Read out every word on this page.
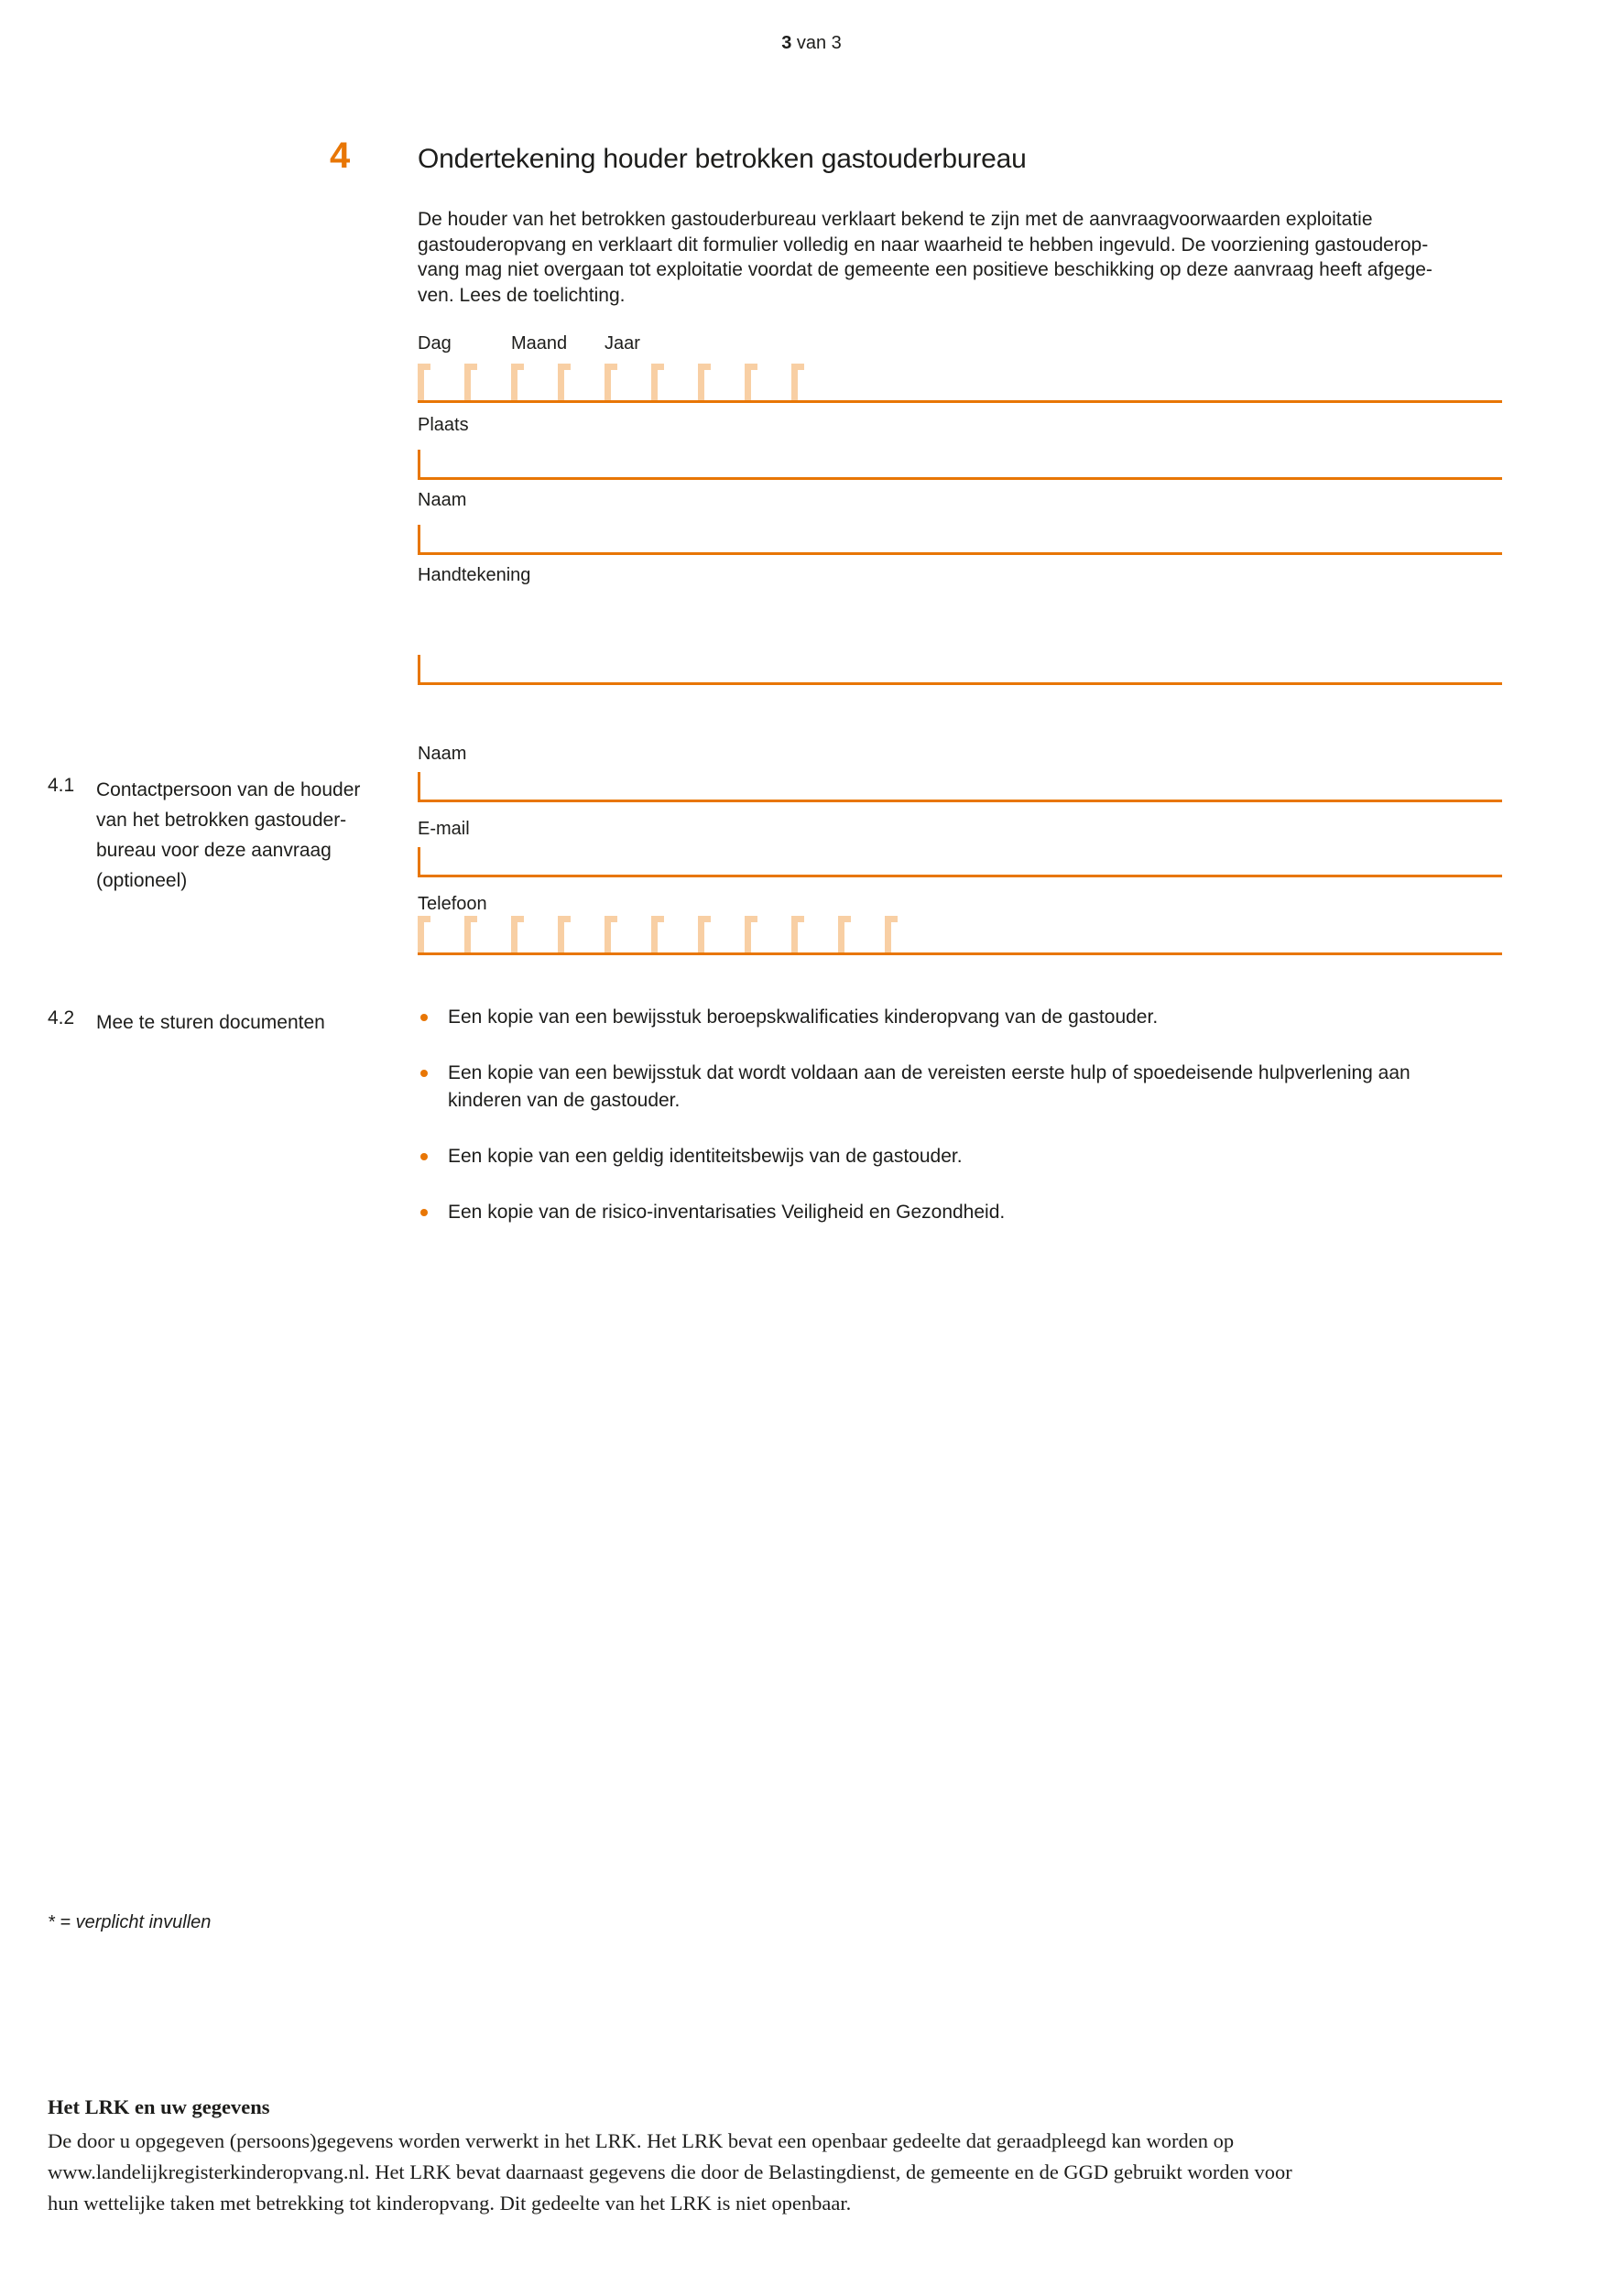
3 van 3
4 Ondertekening houder betrokken gastouderbureau
De houder van het betrokken gastouderbureau verklaart bekend te zijn met de aanvraagvoorwaarden exploitatie
gastouderopvang en verklaart dit formulier volledig en naar waarheid te hebben ingevuld. De voorziening gastouderop-
vang mag niet overgaan tot exploitatie voordat de gemeente een positieve beschikking op deze aanvraag heeft afgege-
ven. Lees de toelichting.
Dag	Maand Jaar
Plaats
Naam
Handtekening
4.1	Contactpersoon van de houder
van het betrokken gastouder-
bureau voor deze aanvraag
(optioneel)
Naam
E-mail
Telefoon
4.2	Mee te sturen documenten	Een kopie van een bewijsstuk beroepskwalificaties kinderopvang van de gastouder.
Een kopie van een bewijsstuk dat wordt voldaan aan de vereisten eerste hulp of spoedeisende hulpverlening aan kinderen van de gastouder.
Een kopie van een geldig identiteitsbewijs van de gastouder.
Een kopie van de risico-inventarisaties Veiligheid en Gezondheid.
* = verplicht invullen
Het LRK en uw gegevens
De door u opgegeven (persoons)gegevens worden verwerkt in het LRK. Het LRK bevat een openbaar gedeelte dat geraadpleegd kan worden op
www.landelijkregisterkinderopvang.nl. Het LRK bevat daarnaast gegevens die door de Belastingdienst, de gemeente en de GGD gebruikt worden voor
hun wettelijke taken met betrekking tot kinderopvang. Dit gedeelte van het LRK is niet openbaar.
